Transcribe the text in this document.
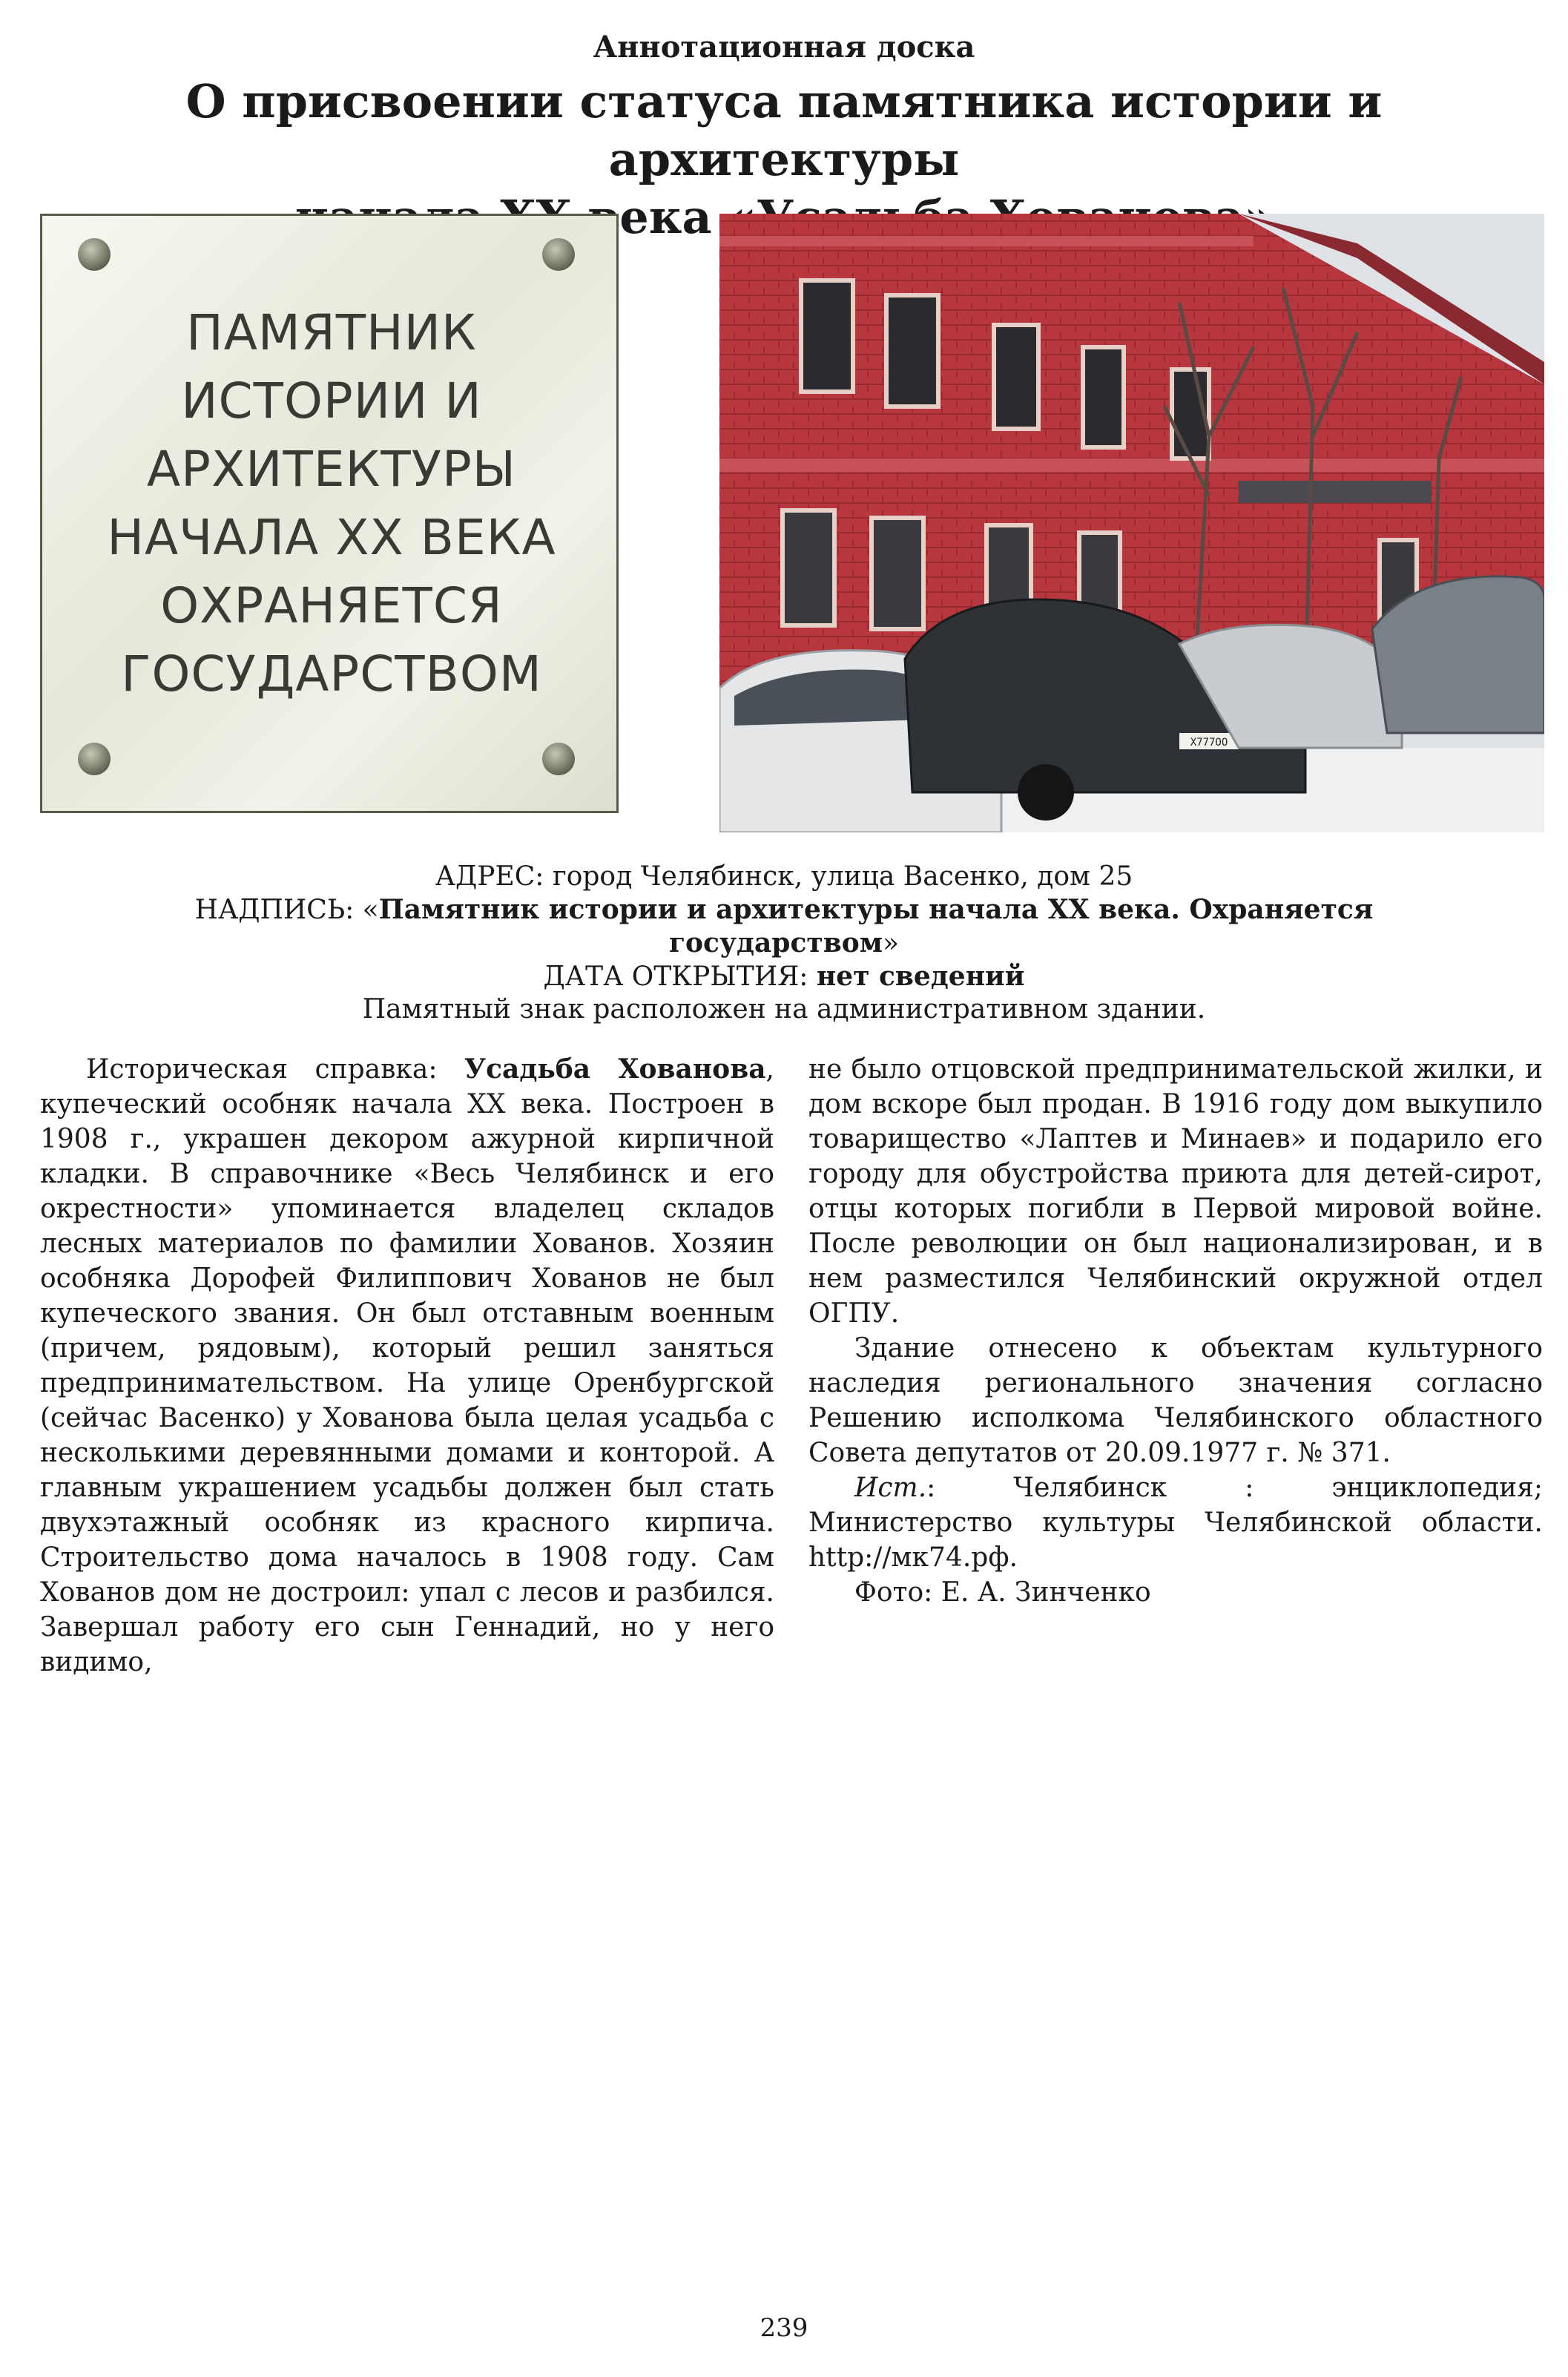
Аннотационная доска
О присвоении статуса памятника истории и архитектуры
века
ПАМЯТНИК
ИСТОРИИ И
АРХИТЕКТУРЫ
НАЧАЛА XX ВЕКА
ОХРАНЯЕТСЯ
ГОСУДАРСТВОМ
Х777ОО
АДРЕС: город Челябинск, улица Васенко, дом 25
НАДПИСЬ: «Памятник истории и архитектуры начала XX века. Охраняется государством»
ДАТА ОТКРЫТИЯ: нет сведений
Памятный знак расположен на административном здании.

Историческая справка: Усадьба Хованова, купеческий особняк начала XX века. Построен в 1908 г., украшен декором ажурной кирпичной кладки. В справочнике «Весь Челябинск и его окрестности» упоминается владелец складов лесных материалов по фамилии Хованов. Хозяин особняка Дорофей Филиппович Хованов не был купеческого звания. Он был отставным военным (причем, рядовым), который решил заняться предпринимательством. На улице Оренбургской (сейчас Васенко) у Хованова была целая усадьба с несколькими деревянными домами и конторой. А главным украшением усадьбы должен был стать двухэтажный особняк из красного кирпича. Строительство дома началось в 1908 году. Сам Хованов дом не достроил: упал с лесов и разбился. Завершал работу его сын Геннадий, но у него видимо,

не было отцовской предпринимательской жилки, и дом вскоре был продан. В 1916 году дом выкупило товарищество «Лаптев и Минаев» и подарило его городу для обустройства приюта для детей-сирот, отцы которых погибли в Первой мировой войне. После революции он был национализирован, и в нем разместился Челябинский окружной отдел ОГПУ.

Здание отнесено к объектам культурного наследия регионального значения согласно Решению исполкома Челябинского областного Совета депутатов от 20.09.1977 г. № 371.

Ист.: Челябинск : энциклопедия; Министерство культуры Челябинской области. http://мк74.рф.

Фото: Е. А. Зинченко

239
